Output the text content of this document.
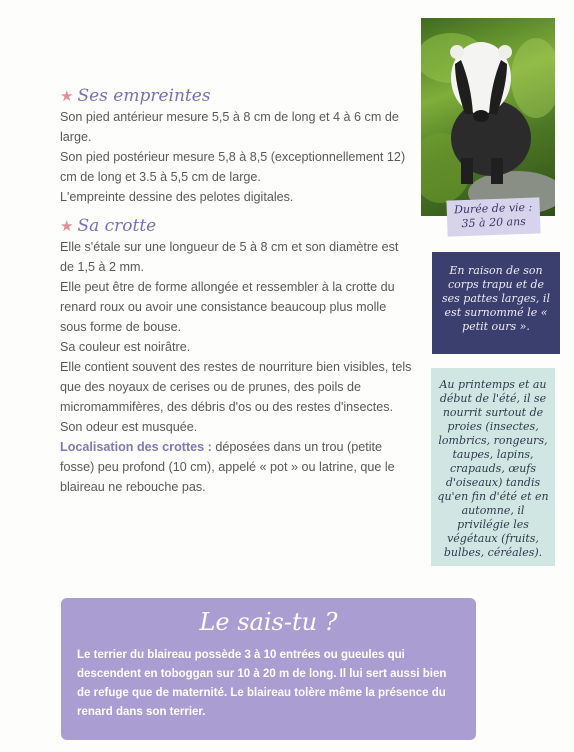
Durée de vie : 35 à 20 ans
En raison de son corps trapu et de ses pattes larges, il est surnommé le « petit ours ».
Au printemps et au début de l'été, il se nourrit surtout de proies (insectes, lombrics, rongeurs, taupes, lapins, crapauds, œufs d'oiseaux) tandis qu'en fin d'été et en automne, il privilégie les végétaux (fruits, bulbes, céréales).
★ Ses empreintes

Son pied antérieur mesure 5,5 à 8 cm de long et 4 à 6 cm de large.

Son pied postérieur mesure 5,8 à 8,5 (exceptionnellement 12) cm de long et 3.5 à 5,5 cm de large.

L'empreinte dessine des pelotes digitales.

★ Sa crotte

Elle s'étale sur une longueur de 5 à 8 cm et son diamètre est de 1,5 à 2 mm.

Elle peut être de forme allongée et ressembler à la crotte du renard roux ou avoir une consistance beaucoup plus molle sous forme de bouse.

Sa couleur est noirâtre.

Elle contient souvent des restes de nourriture bien visibles, tels que des noyaux de cerises ou de prunes, des poils de micromammifères, des débris d'os ou des restes d'insectes.

Son odeur est musquée.

Localisation des crottes : déposées dans un trou (petite fosse) peu profond (10 cm), appelé « pot » ou latrine, que le blaireau ne rebouche pas.

Le sais-tu ?

Le terrier du blaireau possède 3 à 10 entrées ou gueules qui descendent en toboggan sur 10 à 20 m de long. Il lui sert aussi bien de refuge que de maternité. Le blaireau tolère même la présence du renard dans son terrier.
